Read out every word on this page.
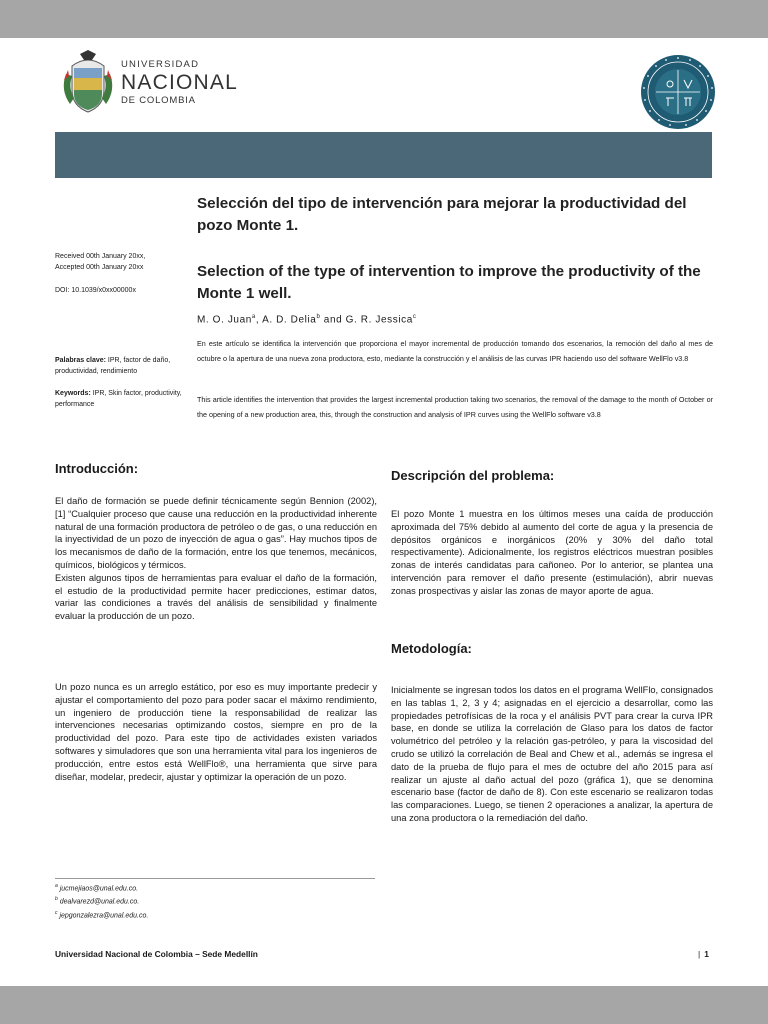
UNIVERSIDAD
NACIONAL
DE COLOMBIA
Selección del tipo de intervención para mejorar la productividad del pozo Monte 1.
Selection of the type of intervention to improve the productivity of the Monte 1 well.
M. O. Juan$^a$, A. D. Delia$^b$ and G. R. Jessica$^c$
Received 00th January 20xx,
Accepted 00th January 20xx
DOI: 10.1039/x0xx00000x
Palabras clave: IPR, factor de daño, productividad, rendimiento
Keywords: IPR, Skin factor, productivity, performance
En este artículo se identifica la intervención que proporciona el mayor incremental de producción tomando dos escenarios, la remoción del daño al mes de octubre o la apertura de una nueva zona productora, esto, mediante la construcción y el análisis de las curvas IPR haciendo uso del software WellFlo v3.8
This article identifies the intervention that provides the largest incremental production taking two scenarios, the removal of the damage to the month of October or the opening of a new production area, this, through the construction and analysis of IPR curves using the WellFlo software v3.8
Introducción:

El daño de formación se puede definir técnicamente según Bennion (2002), [1] “Cualquier proceso que cause una reducción en la productividad inherente natural de una formación productora de petróleo o de gas, o una reducción en la inyectividad de un pozo de inyección de agua o gas”. Hay muchos tipos de los mecanismos de daño de la formación, entre los que tenemos, mecánicos, químicos, biológicos y térmicos.

Existen algunos tipos de herramientas para evaluar el daño de la formación, el estudio de la productividad permite hacer predicciones, estimar datos, variar las condiciones a través del análisis de sensibilidad y finalmente evaluar la producción de un pozo.

Un pozo nunca es un arreglo estático, por eso es muy importante predecir y ajustar el comportamiento del pozo para poder sacar el máximo rendimiento, un ingeniero de producción tiene la responsabilidad de realizar las intervenciones necesarias optimizando costos, siempre en pro de la productividad del pozo. Para este tipo de actividades existen variados softwares y simuladores que son una herramienta vital para los ingenieros de producción, entre estos está WellFlo®, una herramienta que sirve para diseñar, modelar, predecir, ajustar y optimizar la operación de un pozo.
Descripción del problema:
El pozo Monte 1 muestra en los últimos meses una caída de producción aproximada del 75% debido al aumento del corte de agua y la presencia de depósitos orgánicos e inorgánicos (20% y 30% del daño total respectivamente). Adicionalmente, los registros eléctricos muestran posibles zonas de interés candidatas para cañoneo. Por lo anterior, se plantea una intervención para remover el daño presente (estimulación), abrir nuevas zonas prospectivas y aislar las zonas de mayor aporte de agua.
Metodología:
Inicialmente se ingresan todos los datos en el programa WellFlo, consignados en las tablas 1, 2, 3 y 4; asignadas en el ejercicio a desarrollar, como las propiedades petrofísicas de la roca y el análisis PVT para crear la curva IPR base, en donde se utiliza la correlación de Glaso para los datos de factor volumétrico del petróleo y la relación gas-petróleo, y para la viscosidad del crudo se utilizó la correlación de Beal and Chew et al., además se ingresa el dato de la prueba de flujo para el mes de octubre del año 2015 para así realizar un ajuste al daño actual del pozo (gráfica 1), que se denomina escenario base (factor de daño de 8). Con este escenario se realizaron todas las comparaciones. Luego, se tienen 2 operaciones a analizar, la apertura de una zona productora o la remediación del daño.
$^a$ jucmejiaos@unal.edu.co.
$^b$ dealvarezd@unal.edu.co.
$^c$ jepgonzalezra@unal.edu.co.
Universidad Nacional de Colombia – Sede Medellín	| 1
